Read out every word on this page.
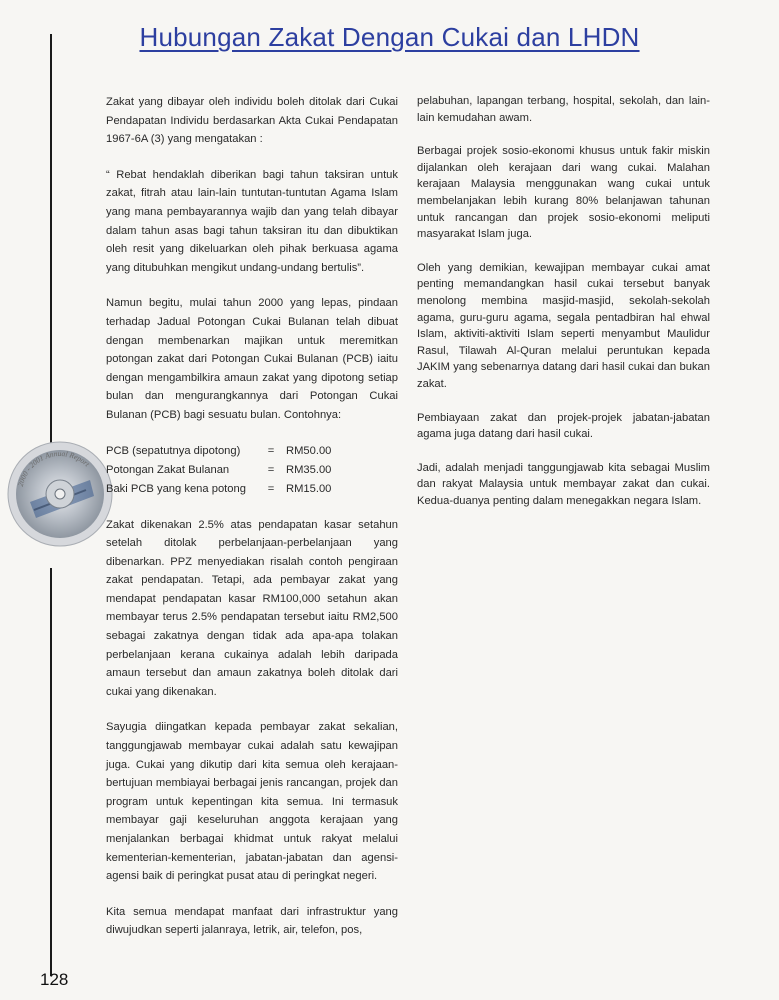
Hubungan Zakat Dengan Cukai dan LHDN
2000 - 2001 Annual Report

Zakat yang dibayar oleh individu boleh ditolak dari Cukai Pendapatan Individu berdasarkan Akta Cukai Pendapatan 1967-6A (3) yang mengatakan :

“ Rebat hendaklah diberikan bagi tahun taksiran untuk zakat, fitrah atau lain-lain tuntutan-tuntutan Agama Islam yang mana pembayarannya wajib dan yang telah dibayar dalam tahun asas bagi tahun taksiran itu dan dibuktikan oleh resit yang dikeluarkan oleh pihak berkuasa agama yang ditubuhkan mengikut undang-undang bertulis”.

Namun begitu, mulai tahun 2000 yang lepas, pindaan terhadap Jadual Potongan Cukai Bulanan telah dibuat dengan membenarkan majikan untuk meremitkan potongan zakat dari Potongan Cukai Bulanan (PCB) iaitu dengan mengambilkira amaun zakat yang dipotong setiap bulan dan mengurangkannya dari Potongan Cukai Bulanan (PCB) bagi sesuatu bulan. Contohnya:

PCB (sepatutnya dipotong)	=	RM50.00
Potongan Zakat Bulanan	=	RM35.00
Baki PCB yang kena potong	=	RM15.00

Zakat dikenakan 2.5% atas pendapatan kasar setahun setelah ditolak perbelanjaan-perbelanjaan yang dibenarkan. PPZ menyediakan risalah contoh pengiraan zakat pendapatan. Tetapi, ada pembayar zakat yang mendapat pendapatan kasar RM100,000 setahun akan membayar terus 2.5% pendapatan tersebut iaitu RM2,500 sebagai zakatnya dengan tidak ada apa-apa tolakan perbelanjaan kerana cukainya adalah lebih daripada amaun tersebut dan amaun zakatnya boleh ditolak dari cukai yang dikenakan.

Sayugia diingatkan kepada pembayar zakat sekalian, tanggungjawab membayar cukai adalah satu kewajipan juga. Cukai yang dikutip dari kita semua oleh kerajaan-bertujuan membiayai berbagai jenis rancangan, projek dan program untuk kepentingan kita semua. Ini termasuk membayar gaji keseluruhan anggota kerajaan yang menjalankan berbagai khidmat untuk rakyat melalui kementerian-kementerian, jabatan-jabatan dan agensi-agensi baik di peringkat pusat atau di peringkat negeri.

Kita semua mendapat manfaat dari infrastruktur yang diwujudkan seperti jalanraya, letrik, air, telefon, pos,

pelabuhan, lapangan terbang, hospital, sekolah, dan lain-lain kemudahan awam.

Berbagai projek sosio-ekonomi khusus untuk fakir miskin dijalankan oleh kerajaan dari wang cukai. Malahan kerajaan Malaysia menggunakan wang cukai untuk membelanjakan lebih kurang 80% belanjawan tahunan untuk rancangan dan projek sosio-ekonomi meliputi masyarakat Islam juga.

Oleh yang demikian, kewajipan membayar cukai amat penting memandangkan hasil cukai tersebut banyak menolong membina masjid-masjid, sekolah-sekolah agama, guru-guru agama, segala pentadbiran hal ehwal Islam, aktiviti-aktiviti Islam seperti menyambut Maulidur Rasul, Tilawah Al-Quran melalui peruntukan kepada JAKIM yang sebenarnya datang dari hasil cukai dan bukan zakat.

Pembiayaan zakat dan projek-projek jabatan-jabatan agama juga datang dari hasil cukai.

Jadi, adalah menjadi tanggungjawab kita sebagai Muslim dan rakyat Malaysia untuk membayar zakat dan cukai. Kedua-duanya penting dalam menegakkan negara Islam.

128
